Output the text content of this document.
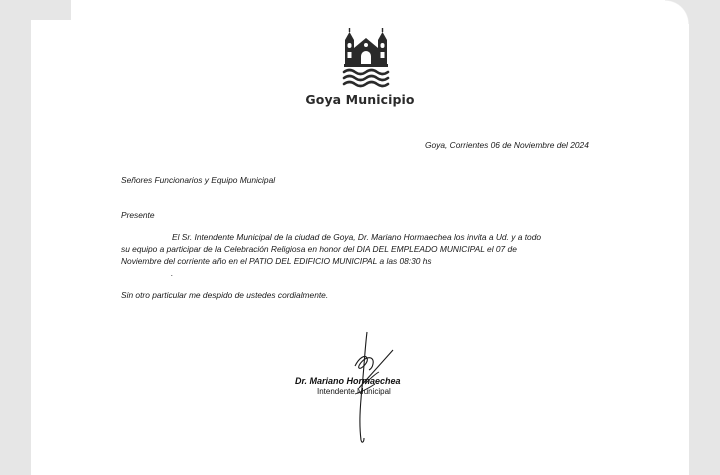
Goya Municipio
Goya, Corrientes 06 de Noviembre del 2024
Señores Funcionarios y Equipo Municipal
Presente
El Sr. Intendente Municipal de la ciudad de Goya, Dr. Mariano Hormaechea los invita a Ud. y a todo
su equipo a participar de la Celebración Religiosa en honor del DIA DEL EMPLEADO MUNICIPAL el 07 de
Noviembre del corriente año en el PATIO DEL EDIFICIO MUNICIPAL a las 08:30 hs
.
Sin otro particular me despido de ustedes cordialmente.
Dr. Mariano Hormaechea
Intendente Municipal
